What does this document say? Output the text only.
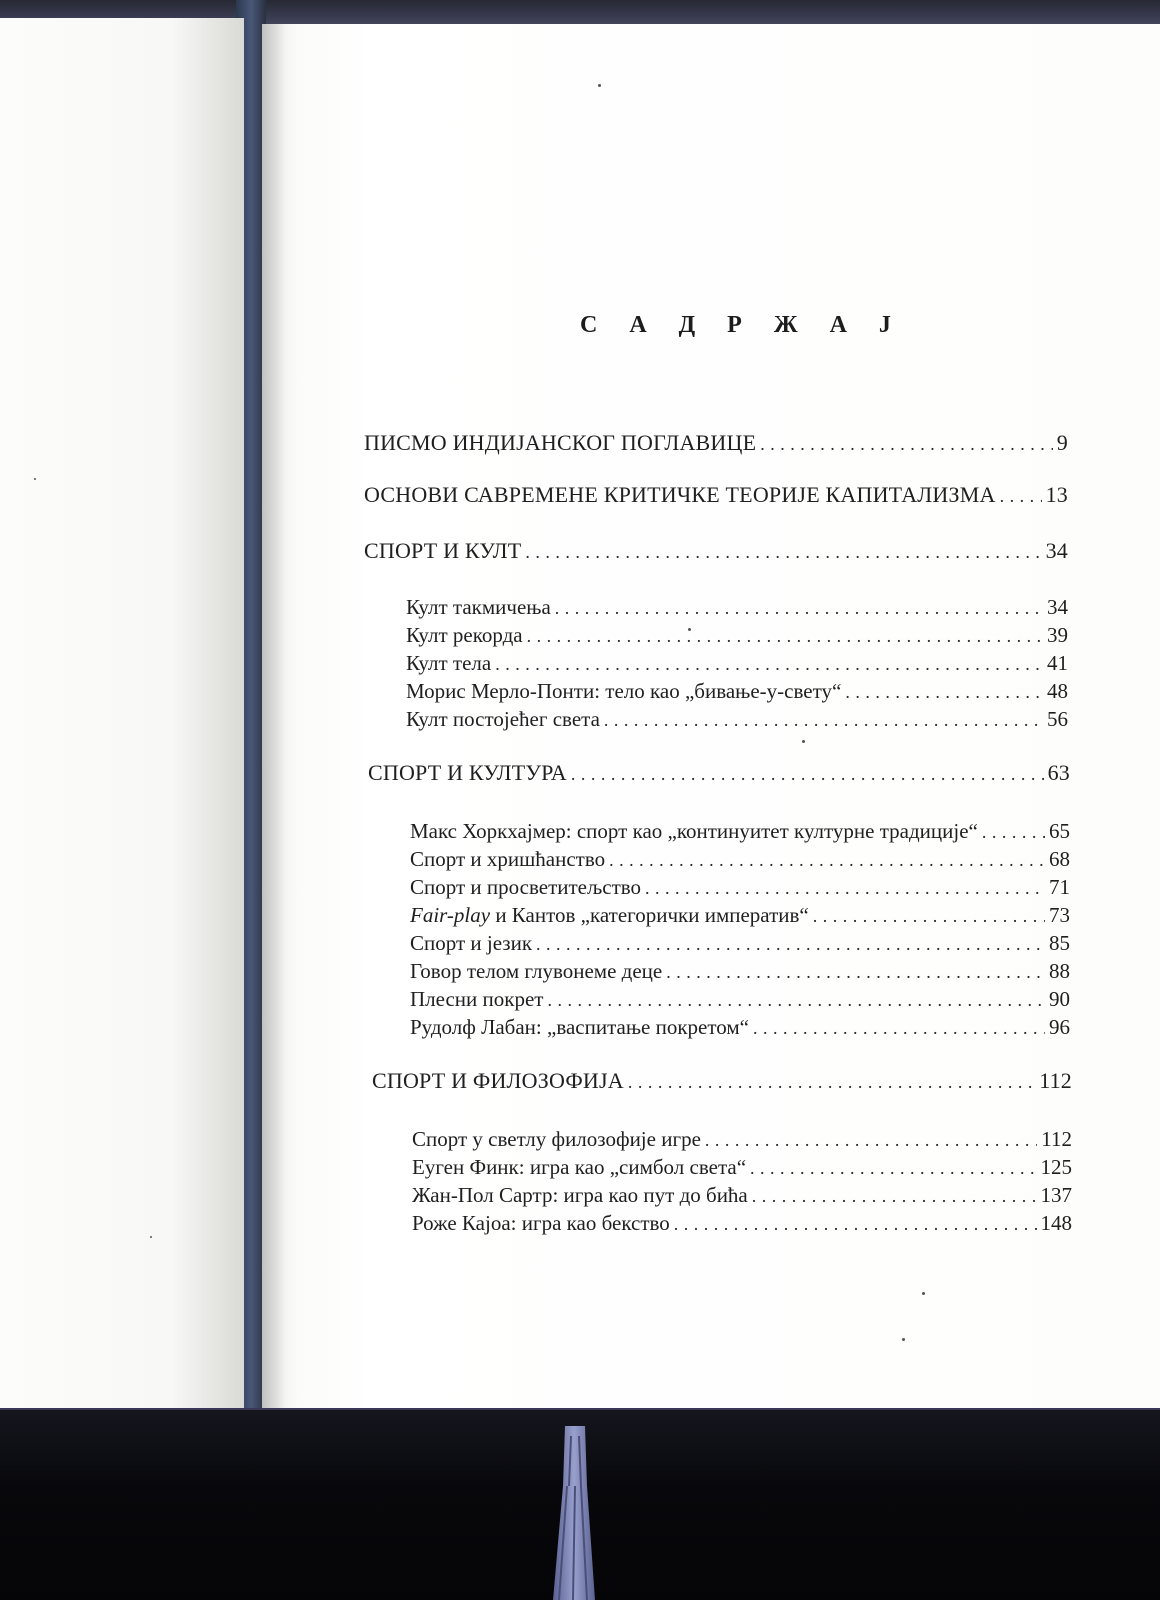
С А Д Р Ж А Ј
ПИСМО ИНДИЈАНСКОГ ПОГЛАВИЦЕ . . .	9
ОСНОВИ САВРЕМЕНЕ КРИТИЧКЕ ТЕОРИЈЕ КАПИТАЛИЗМА . . . 13
СПОРТ И КУЛТ . . .	34
Култ такмичења . . .	34
Култ рекорда . . .	39
Култ тела . . .	41
Морис Мерло-Понти: тело као „бивање-у-свету“ . . .	48
Култ постојећег света . . .	56
СПОРТ И КУЛТУРА . . .	63
Макс Хоркхајмер: спорт као „континуитет културне традиције“ . . .	65
Спорт и хришћанство . . .	68
Спорт и просветитељство . . .	71
Fair-play и Кантов „категорички императив“ . . .	73
Спорт и језик . . .	85
Говор телом глувонеме деце . . .	88
Плесни покрет . . .	90
Рудолф Лабан: „васпитање покретом“ . . .	96
СПОРТ И ФИЛОЗОФИЈА . . .	112
Спорт у светлу филозофије игре . . .	112
Еуген Финк: игра као „симбол света“ . . .	125
Жан-Пол Сартр: игра као пут до бића . . .	137
Роже Кајоа: игра као бекство . . .	148
